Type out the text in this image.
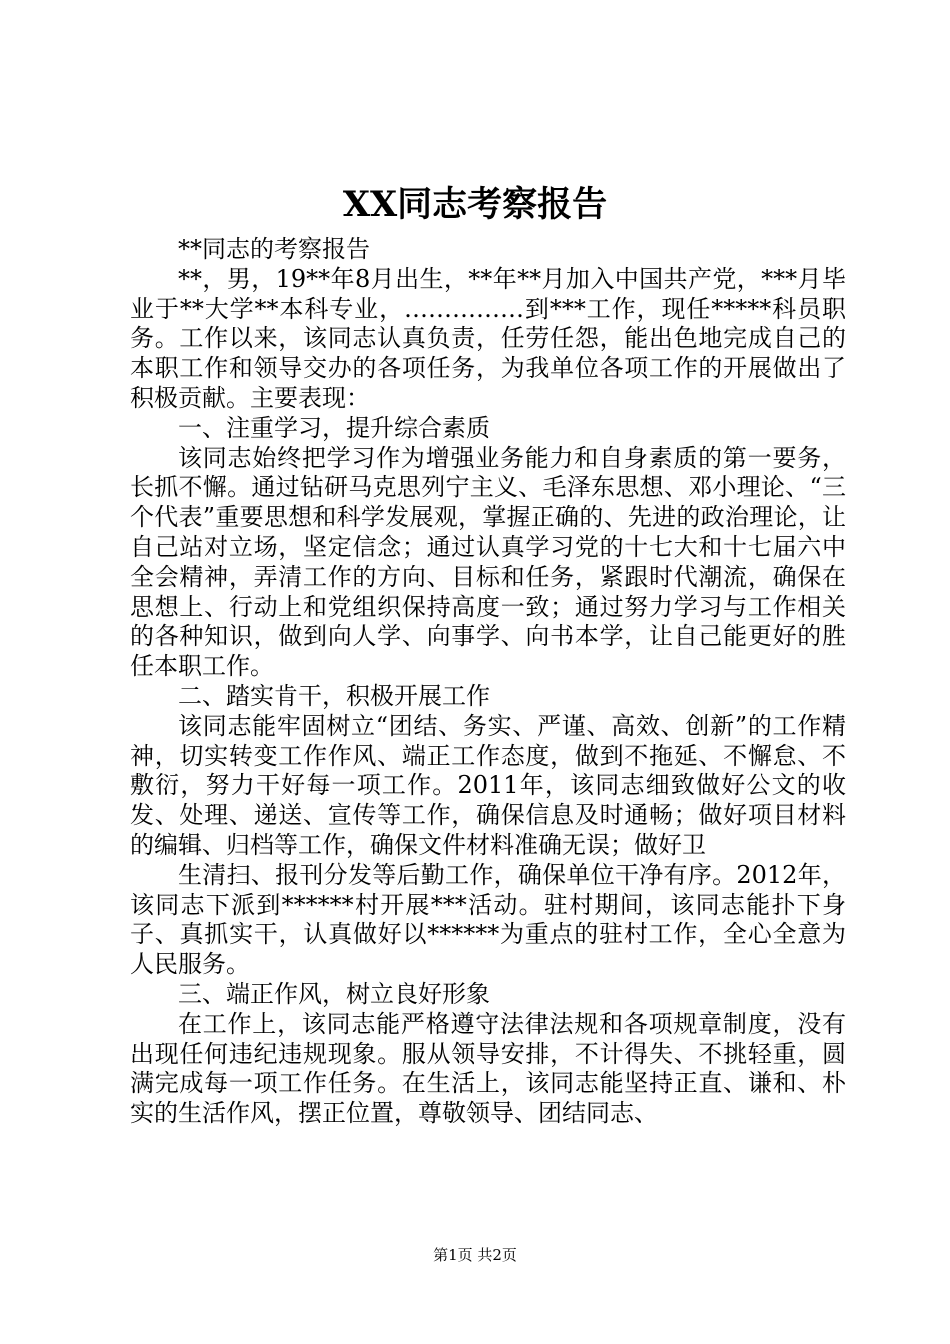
XX同志考察报告

**同志的考察报告

**，男，19**年8月出生，**年**月加入中国共产党，***月毕业于**大学**本科专业，……………到***工作，现任*****科员职务。工作以来，该同志认真负责，任劳任怨，能出色地完成自己的本职工作和领导交办的各项任务，为我单位各项工作的开展做出了积极贡献。主要表现：

一、注重学习，提升综合素质

该同志始终把学习作为增强业务能力和自身素质的第一要务，长抓不懈。通过钻研马克思列宁主义、毛泽东思想、邓小理论、“三个代表”重要思想和科学发展观，掌握正确的、先进的政治理论，让自己站对立场，坚定信念；通过认真学习党的十七大和十七届六中全会精神，弄清工作的方向、目标和任务，紧跟时代潮流，确保在思想上、行动上和党组织保持高度一致；通过努力学习与工作相关的各种知识，做到向人学、向事学、向书本学，让自己能更好的胜任本职工作。

二、踏实肯干，积极开展工作

该同志能牢固树立“团结、务实、严谨、高效、创新”的工作精神，切实转变工作作风、端正工作态度，做到不拖延、不懈怠、不敷衍，努力干好每一项工作。2011年，该同志细致做好公文的收发、处理、递送、宣传等工作，确保信息及时通畅；做好项目材料的编辑、归档等工作，确保文件材料准确无误；做好卫

生清扫、报刊分发等后勤工作，确保单位干净有序。2012年，该同志下派到******村开展***活动。驻村期间，该同志能扑下身子、真抓实干，认真做好以******为重点的驻村工作，全心全意为人民服务。

三、端正作风，树立良好形象

在工作上，该同志能严格遵守法律法规和各项规章制度，没有出现任何违纪违规现象。服从领导安排，不计得失、不挑轻重，圆满完成每一项工作任务。在生活上，该同志能坚持正直、谦和、朴实的生活作风，摆正位置，尊敬领导、团结同志、

第1页 共2页
